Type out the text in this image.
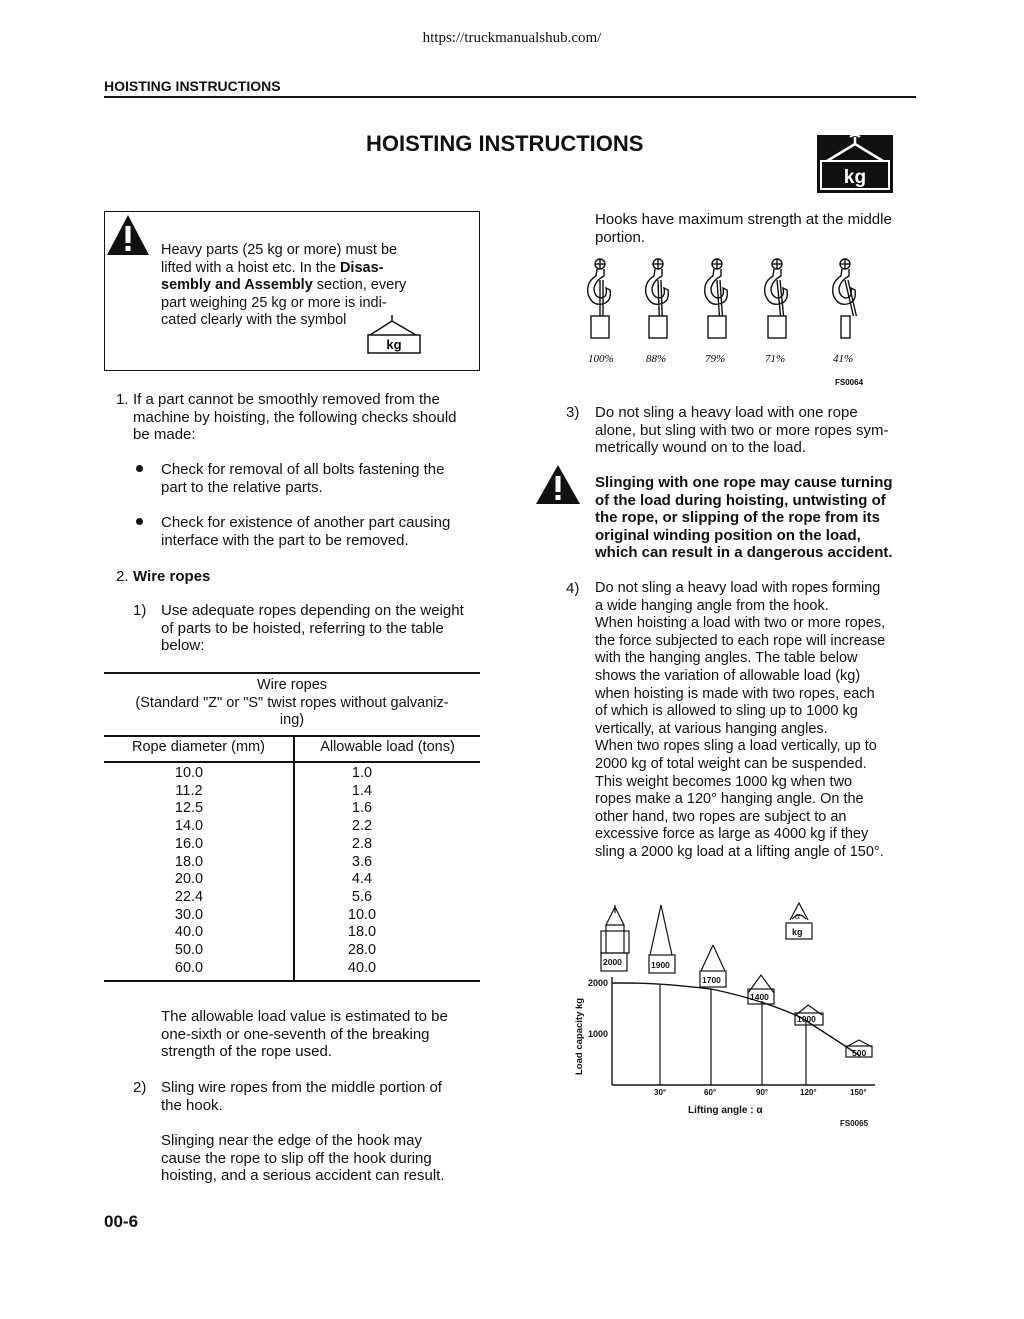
https://truckmanualshub.com/
HOISTING INSTRUCTIONS
HOISTING INSTRUCTIONS
kg
Heavy parts (25 kg or more) must be
lifted with a hoist etc. In the Disas-
sembly and Assembly section, every
part weighing 25 kg or more is indi-
cated clearly with the symbol
kg
1. If a part cannot be smoothly removed from the
machine by hoisting, the following checks should
be made:
Check for removal of all bolts fastening the
part to the relative parts.
Check for existence of another part causing
interface with the part to be removed.
2. Wire ropes
1) Use adequate ropes depending on the weight
of parts to be hoisted, referring to the table
below:
Wire ropes
(Standard "Z" or "S" twist ropes without galvaniz-
ing)
Rope diameter (mm)	Allowable load (tons)
10.0	1.0
11.2	1.4
12.5	1.6
14.0	2.2
16.0	2.8
18.0	3.6
20.0	4.4
22.4	5.6
30.0	10.0
40.0	18.0
50.0	28.0
60.0	40.0
The allowable load value is estimated to be
one-sixth or one-seventh of the breaking
strength of the rope used.
2) Sling wire ropes from the middle portion of
the hook.
Slinging near the edge of the hook may
cause the rope to slip off the hook during
hoisting, and a serious accident can result.
Hooks have maximum strength at the middle
portion.
100%	88%	79%	71%	41%
FS0064
3) Do not sling a heavy load with one rope
alone, but sling with two or more ropes sym-
metrically wound on to the load.
Slinging with one rope may cause turning
of the load during hoisting, untwisting of
the rope, or slipping of the rope from its
original winding position on the load,
which can result in a dangerous accident.
4) Do not sling a heavy load with ropes forming
a wide hanging angle from the hook.
When hoisting a load with two or more ropes,
the force subjected to each rope will increase
with the hanging angles. The table below
shows the variation of allowable load (kg)
when hoisting is made with two ropes, each
of which is allowed to sling up to 1000 kg
vertically, at various hanging angles.
When two ropes sling a load vertically, up to
2000 kg of total weight can be suspended.
This weight becomes 1000 kg when two
ropes make a 120° hanging angle. On the
other hand, two ropes are subject to an
excessive force as large as 4000 kg if they
sling a 2000 kg load at a lifting angle of 150°.
Load capacity kg
2000
1000
30°	60°	90°	120°	150°
Lifting angle : α
FS0065
2000	1900
1700
1400
1000
500
α
kg
00-6
